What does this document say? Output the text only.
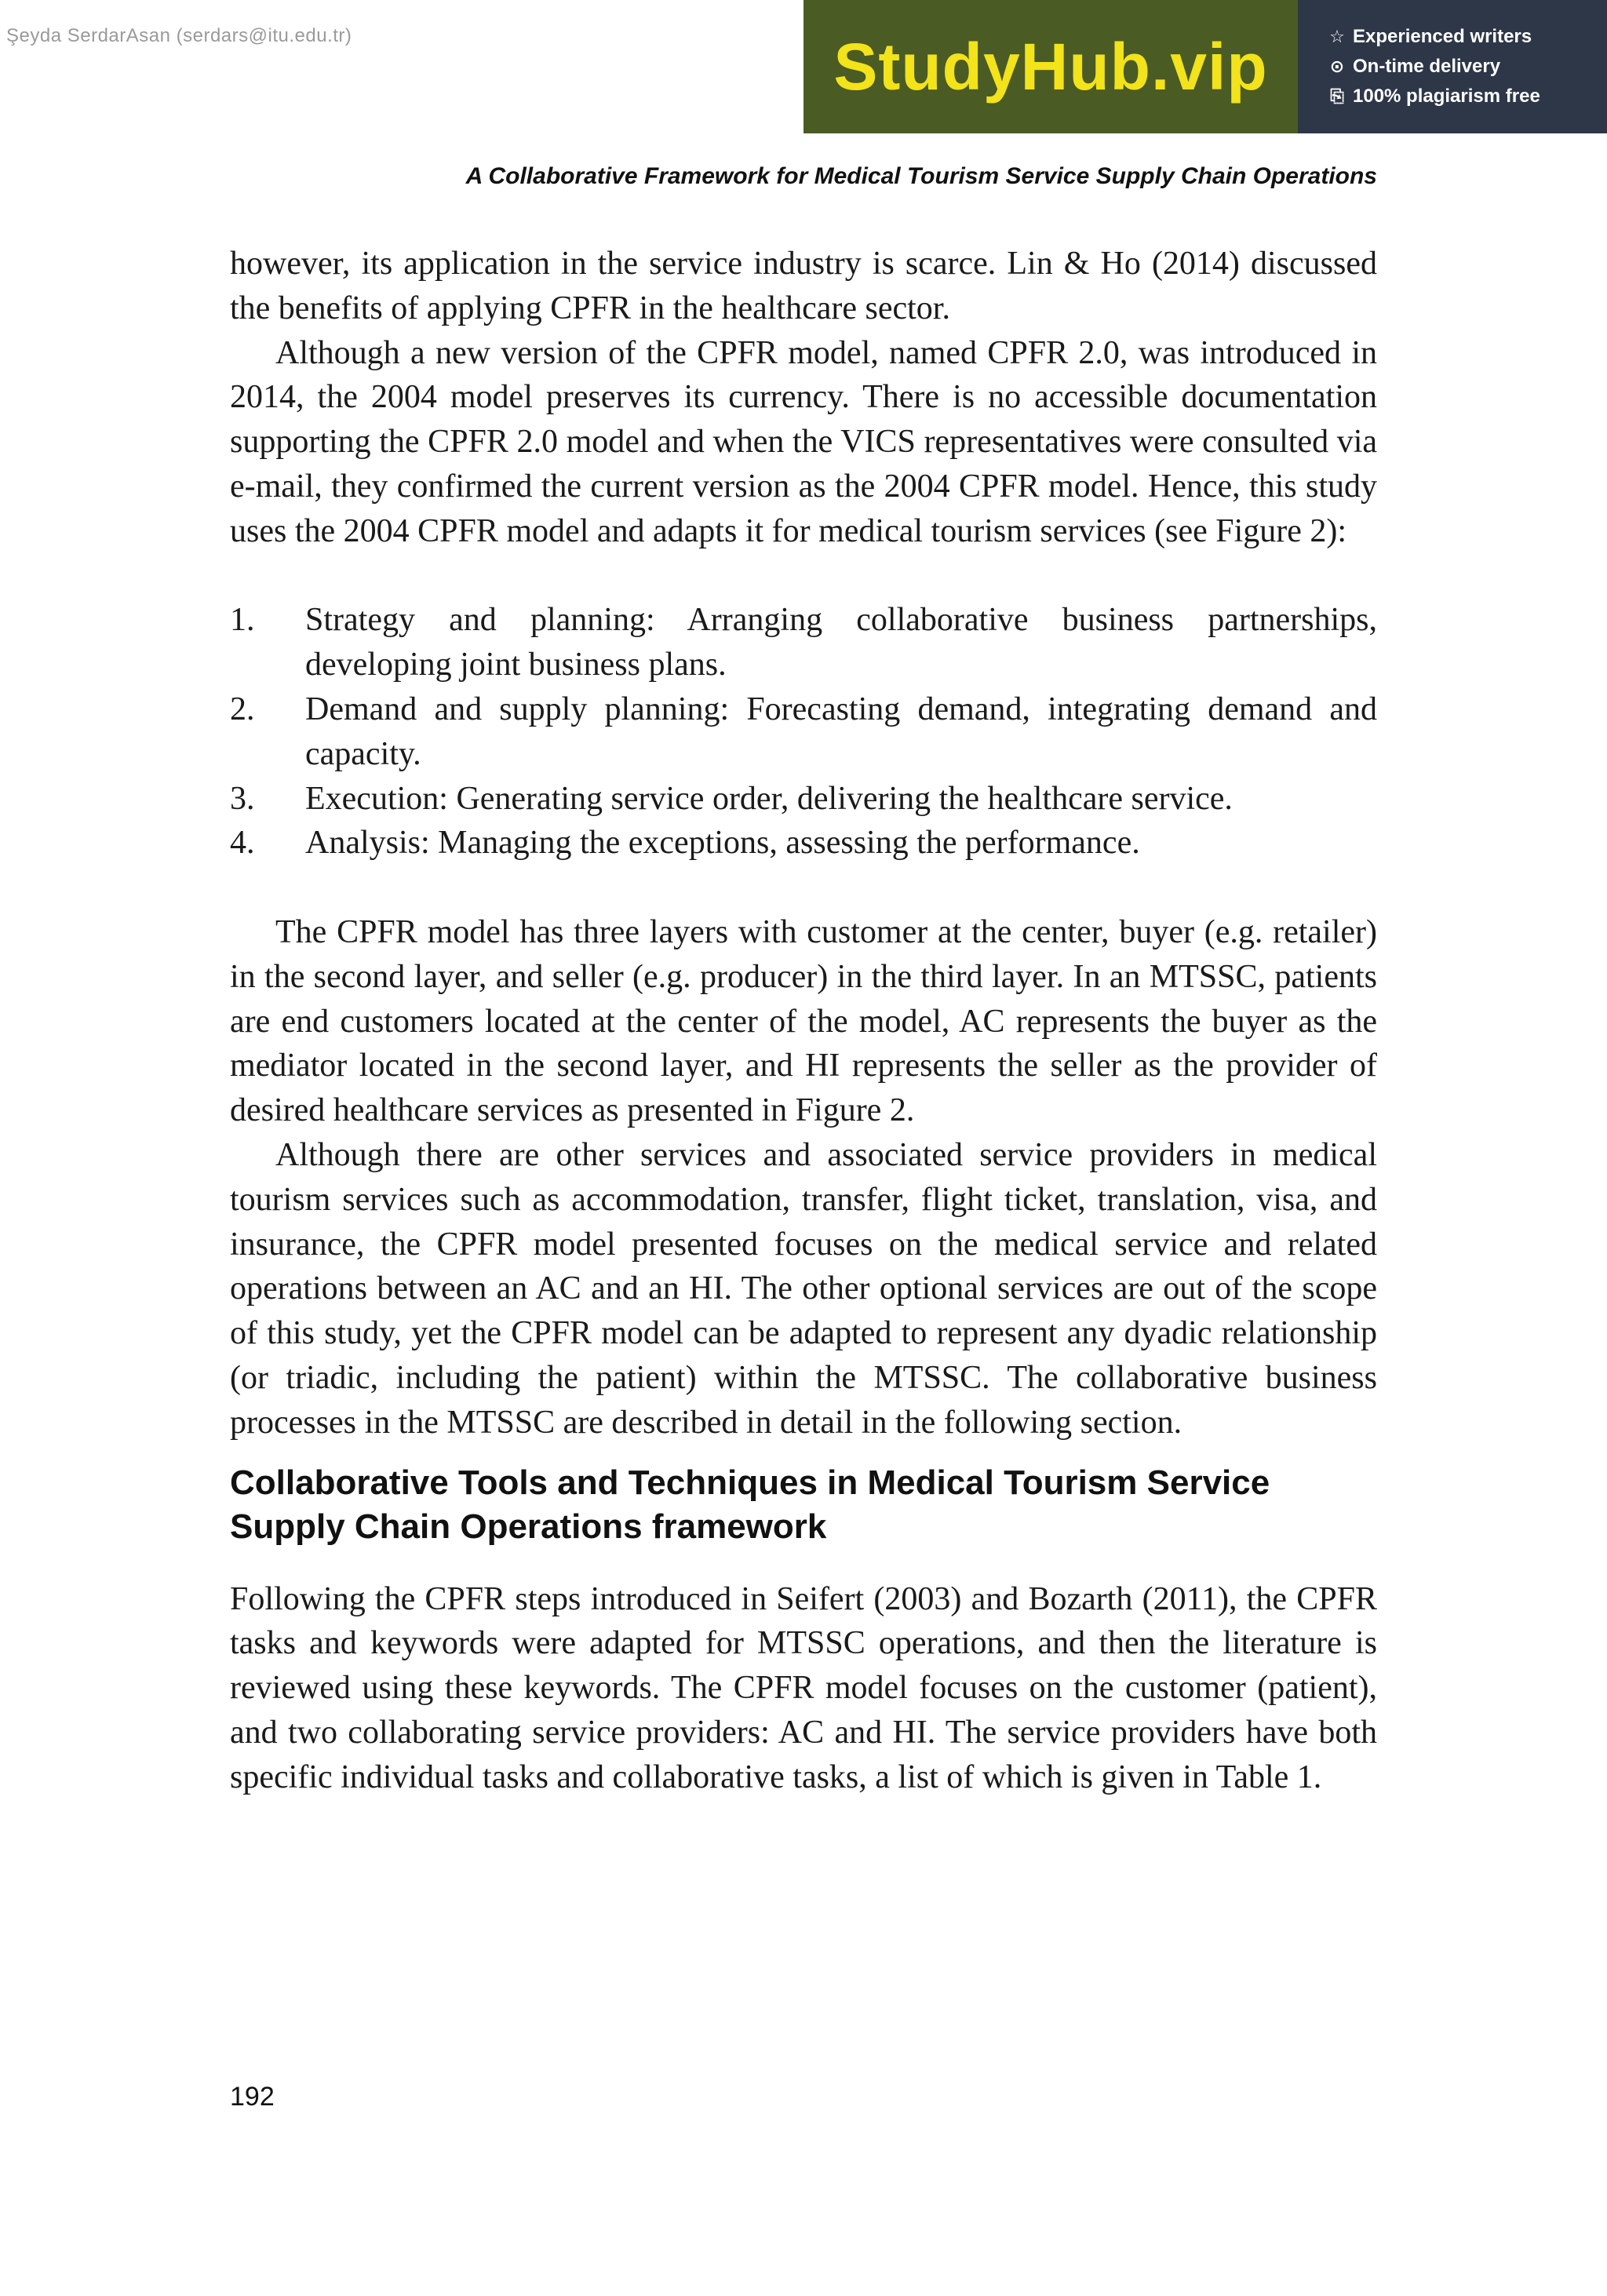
Şeyda SerdarAsan (serdars@itu.edu.tr)	StudyHub.vip	☆ Experienced writers
⊙ On-time delivery
⎘ 100% plagiarism free
A Collaborative Framework for Medical Tourism Service Supply Chain Operations

however, its application in the service industry is scarce. Lin & Ho (2014) discussed the benefits of applying CPFR in the healthcare sector.

Although a new version of the CPFR model, named CPFR 2.0, was introduced in 2014, the 2004 model preserves its currency. There is no accessible documentation supporting the CPFR 2.0 model and when the VICS representatives were consulted via e-mail, they confirmed the current version as the 2004 CPFR model. Hence, this study uses the 2004 CPFR model and adapts it for medical tourism services (see Figure 2):

1.	Strategy and planning: Arranging collaborative business partnerships, developing joint business plans.
2.	Demand and supply planning: Forecasting demand, integrating demand and capacity.
3.	Execution: Generating service order, delivering the healthcare service.
4.	Analysis: Managing the exceptions, assessing the performance.

The CPFR model has three layers with customer at the center, buyer (e.g. retailer) in the second layer, and seller (e.g. producer) in the third layer. In an MTSSC, patients are end customers located at the center of the model, AC represents the buyer as the mediator located in the second layer, and HI represents the seller as the provider of desired healthcare services as presented in Figure 2.

Although there are other services and associated service providers in medical tourism services such as accommodation, transfer, flight ticket, translation, visa, and insurance, the CPFR model presented focuses on the medical service and related operations between an AC and an HI. The other optional services are out of the scope of this study, yet the CPFR model can be adapted to represent any dyadic relationship (or triadic, including the patient) within the MTSSC. The collaborative business processes in the MTSSC are described in detail in the following section.

Collaborative Tools and Techniques in Medical Tourism Service Supply Chain Operations framework

Following the CPFR steps introduced in Seifert (2003) and Bozarth (2011), the CPFR tasks and keywords were adapted for MTSSC operations, and then the literature is reviewed using these keywords. The CPFR model focuses on the customer (patient), and two collaborating service providers: AC and HI. The service providers have both specific individual tasks and collaborative tasks, a list of which is given in Table 1.

192
